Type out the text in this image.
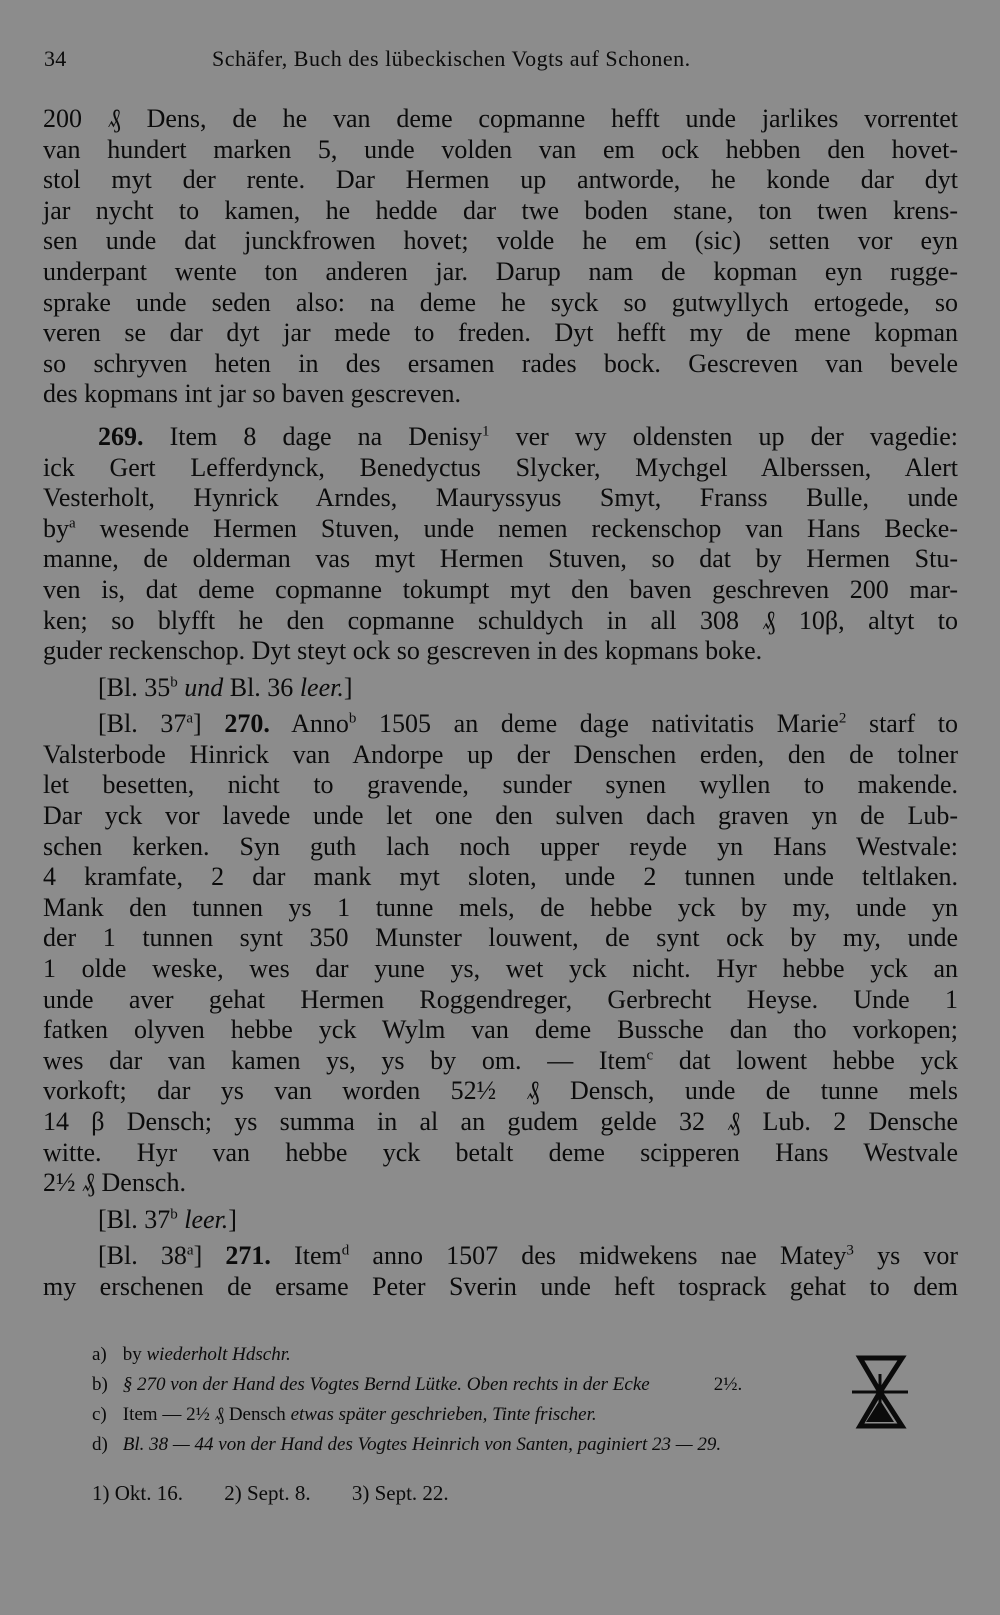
34	Schäfer, Buch des lübeckischen Vogts auf Schonen.
200 ₰ Dens, de he van deme copmanne hefft unde jarlikes vorrentet
van hundert marken 5, unde volden van em ock hebben den hovet-
stol myt der rente. Dar Hermen up antworde, he konde dar dyt
jar nycht to kamen, he hedde dar twe boden stane, ton twen krens-
sen unde dat junckfrowen hovet; volde he em (sic) setten vor eyn
underpant wente ton anderen jar. Darup nam de kopman eyn rugge-
sprake unde seden also: na deme he syck so gutwyllych ertogede, so
veren se dar dyt jar mede to freden. Dyt hefft my de mene kopman
so schryven heten in des ersamen rades bock. Gescreven van bevele
des kopmans int jar so baven gescreven.
269. Item 8 dage na Denisy$^1$ ver wy oldensten up der vagedie:
ick Gert Lefferdynck, Benedyctus Slycker, Mychgel Alberssen, Alert
Vesterholt, Hynrick Arndes, Mauryssyus Smyt, Franss Bulle, unde
$by^a$ wesende Hermen Stuven, unde nemen reckenschop van Hans Becke-
manne, de olderman vas myt Hermen Stuven, so dat by Hermen Stu-
ven is, dat deme copmanne tokumpt myt den baven geschreven 200 mar-
ken; so blyfft he den copmanne schuldych in all 308 ₰ 10β, altyt to
guder reckenschop. Dyt steyt ock so gescreven in des kopmans boke.
[Bl. 35$^b$ und Bl. 36 leer.]
[Bl. 37$^a$] 270. Anno$^b$ 1505 an deme dage nativitatis Marie$^2$ starf to
Valsterbode Hinrick van Andorpe up der Denschen erden, den de tolner
let besetten, nicht to gravende, sunder synen wyllen to makende.
Dar yck vor lavede unde let one den sulven dach graven yn de Lub-
schen kerken. Syn guth lach noch upper reyde yn Hans Westvale:
4 kramfate, 2 dar mank myt sloten, unde 2 tunnen unde teltlaken.
Mank den tunnen ys 1 tunne mels, de hebbe yck by my, unde yn
der 1 tunnen synt 350 Munster louwent, de synt ock by my, unde
1 olde weske, wes dar yune ys, wet yck nicht. Hyr hebbe yck an
unde aver gehat Hermen Roggendreger, Gerbrecht Heyse. Unde 1
fatken olyven hebbe yck Wylm van deme Bussche dan tho vorkopen;
wes dar van kamen ys, ys by om. — Item$^c$ dat lowent hebbe yck
vorkoft; dar ys van worden 52½ ₰ Densch, unde de tunne mels
14 β Densch; ys summa in al an gudem gelde 32 ₰ Lub. 2 Densche
witte. Hyr van hebbe yck betalt deme scipperen Hans Westvale
2½ ₰ Densch.
[Bl. 37$^b$ leer.]
[Bl. 38$^a$] 271. Item$^d$ anno 1507 des midwekens nae Matey$^3$ ys vor
my erschenen de ersame Peter Sverin unde heft tosprack gehat to dem
a) by wiederholt Hdschr.
b) § 270 von der Hand des Vogtes Bernd Lütke. Oben rechts in der Ecke	2½.
c) Item — 2½ ₰ Densch etwas später geschrieben, Tinte frischer.
d) Bl. 38 — 44 von der Hand des Vogtes Heinrich von Santen, paginiert 23 — 29.
1) Okt. 16. 2) Sept. 8. 3) Sept. 22.
